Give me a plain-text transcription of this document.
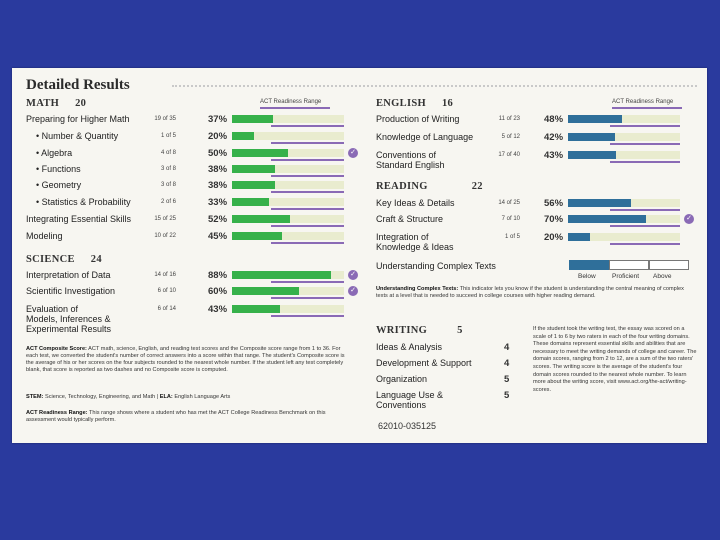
Detailed Results
MATH 20	ACT Readiness Range
Preparing for Higher Math	19 of 35	37%
• Number & Quantity	1 of 5	20%
• Algebra	4 of 8	50%	✓
• Functions	3 of 8	38%
• Geometry	3 of 8	38%
• Statistics & Probability	2 of 6	33%
Integrating Essential Skills	15 of 25	52%
Modeling	10 of 22	45%
SCIENCE 24
Interpretation of Data	14 of 16	88%	✓
Scientific Investigation	6 of 10	60%	✓
Evaluation of
Models, Inferences &
Experimental Results
6 of 14	43%
ACT Composite Score: ACT math, science, English, and reading test scores and the Composite score range from 1 to 36. For each test, we converted the student's number of correct answers into a score within that range. The student's Composite score is the average of his or her scores on the four subjects rounded to the nearest whole number. If the student left any test completely blank, that score is reported as two dashes and no Composite score is computed.
STEM: Science, Technology, Engineering, and Math | ELA: English Language Arts
ACT Readiness Range: This range shows where a student who has met the ACT College Readiness Benchmark on this assessment would typically perform.
ENGLISH 16	ACT Readiness Range
Production of Writing	11 of 23	48%
Knowledge of Language	5 of 12	42%
Conventions of
Standard English
17 of 40	43%
READING	22
Key Ideas & Details	14 of 25	56%
Craft & Structure	7 of 10	70%	✓
Integration of
Knowledge & Ideas
1 of 5	20%
Understanding Complex Texts
Below	Proficient Above
Understanding Complex Texts: This indicator lets you know if the student is understanding the central meaning of complex texts at a level that is needed to succeed in college courses with higher reading demand.
WRITING	5
Ideas & Analysis	4
Development & Support	4
Organization	5
Language Use &
Conventions
5
62010-035125
If the student took the writing test, the essay was scored on a scale of 1 to 6 by two raters in each of the four writing domains. These domains represent essential skills and abilities that are necessary to meet the writing demands of college and career. The domain scores, ranging from 2 to 12, are a sum of the two raters' scores. The writing score is the average of the student's four domain scores rounded to the nearest whole number. To learn more about the writing score, visit www.act.org/the-act/writing-scores.
